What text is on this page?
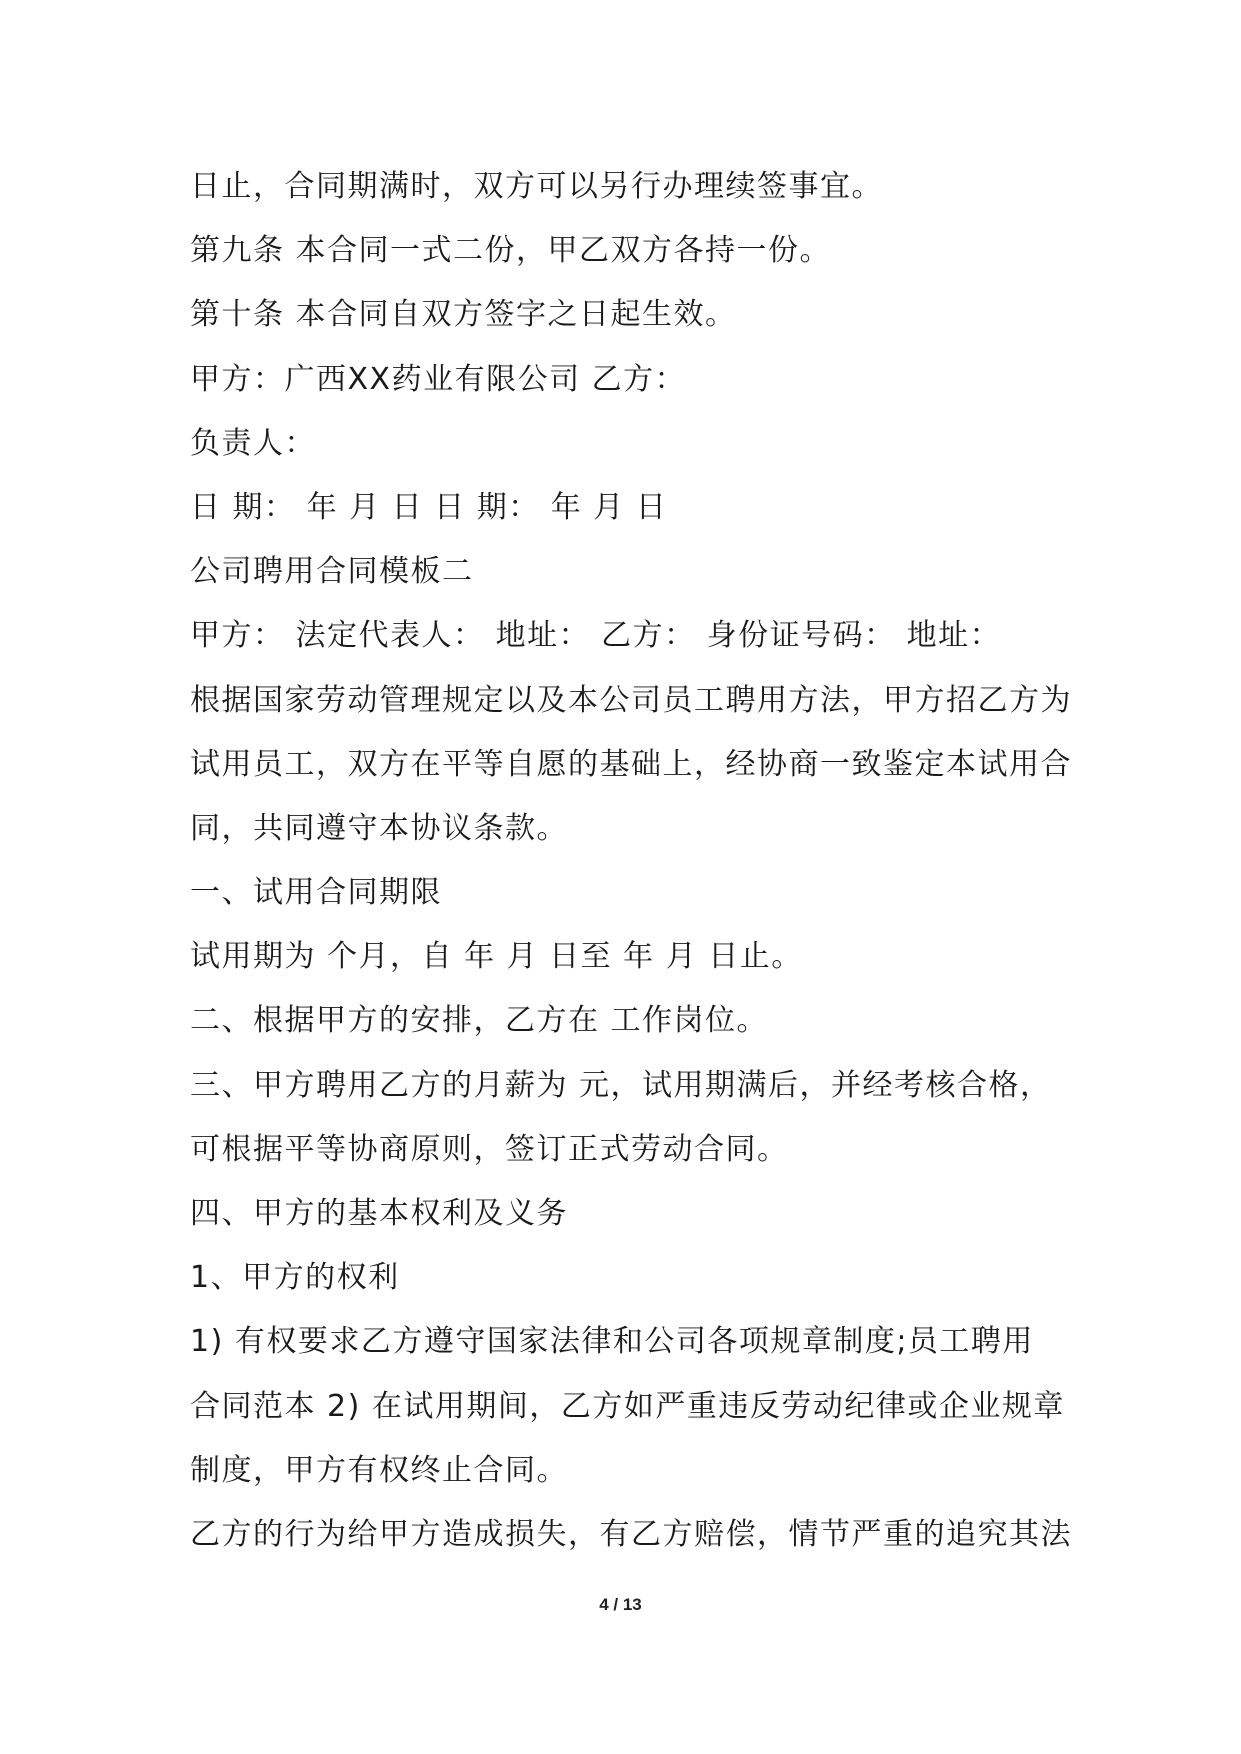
日止，合同期满时，双方可以另行办理续签事宜。
第九条 本合同一式二份，甲乙双方各持一份。
第十条 本合同自双方签字之日起生效。
甲方：广西XX药业有限公司 乙方：
负责人：
日 期： 年 月 日 日 期： 年 月 日
公司聘用合同模板二
甲方： 法定代表人： 地址： 乙方： 身份证号码： 地址：
根据国家劳动管理规定以及本公司员工聘用方法，甲方招乙方为
试用员工，双方在平等自愿的基础上，经协商一致鉴定本试用合
同，共同遵守本协议条款。
一、试用合同期限
试用期为 个月，自 年 月 日至 年 月 日止。
二、根据甲方的安排，乙方在 工作岗位。
三、甲方聘用乙方的月薪为 元，试用期满后，并经考核合格，
可根据平等协商原则，签订正式劳动合同。
四、甲方的基本权利及义务
1、甲方的权利
1) 有权要求乙方遵守国家法律和公司各项规章制度;员工聘用
合同范本 2) 在试用期间，乙方如严重违反劳动纪律或企业规章
制度，甲方有权终止合同。
乙方的行为给甲方造成损失，有乙方赔偿，情节严重的追究其法
4 / 13
